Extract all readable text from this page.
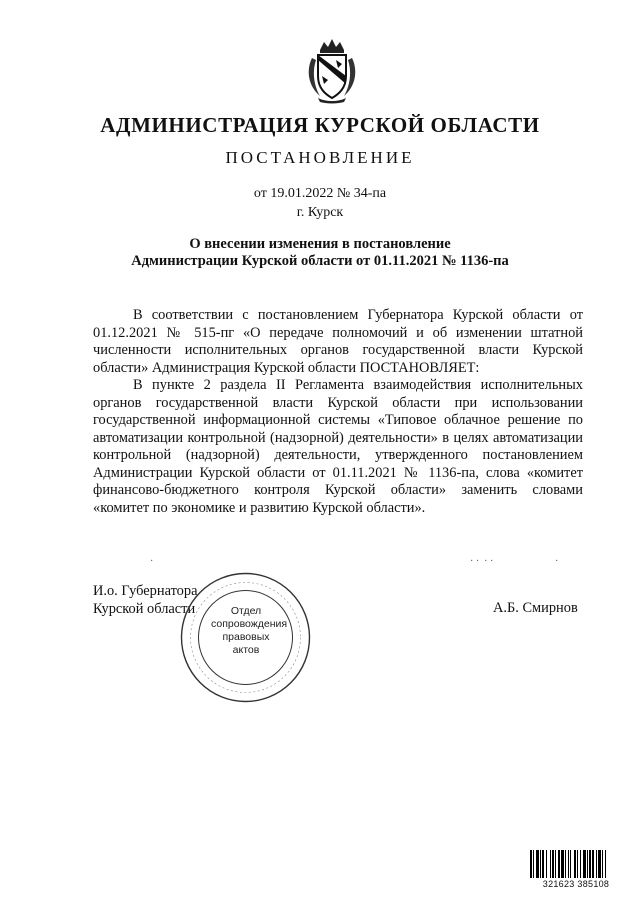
АДМИНИСТРАЦИЯ КУРСКОЙ ОБЛАСТИ
ПОСТАНОВЛЕНИЕ
от 19.01.2022 № 34-па
г. Курск
О внесении изменения в постановление
Администрации Курской области от 01.11.2021 № 1136-па

В соответствии с постановлением Губернатора Курской области от 01.12.2021 № 515-пг «О передаче полномочий и об изменении штатной численности исполнительных органов государственной власти Курской области» Администрация Курской области ПОСТАНОВЛЯЕТ:

В пункте 2 раздела II Регламента взаимодействия исполнительных органов государственной власти Курской области при использовании государственной информационной системы «Типовое облачное решение по автоматизации контрольной (надзорной) деятельности» в целях автоматизации контрольной (надзорной) деятельности, утвержденного постановлением Администрации Курской области от 01.11.2021 № 1136-па, слова «комитет финансово-бюджетного контроля Курской области» заменить словами «комитет по экономике и развитию Курской области».

·	· ·  · ·	·
И.о. Губернатора
Курской области	А.Б. Смирнов
Отдел
сопровождения
правовых
актов
321623 385108
